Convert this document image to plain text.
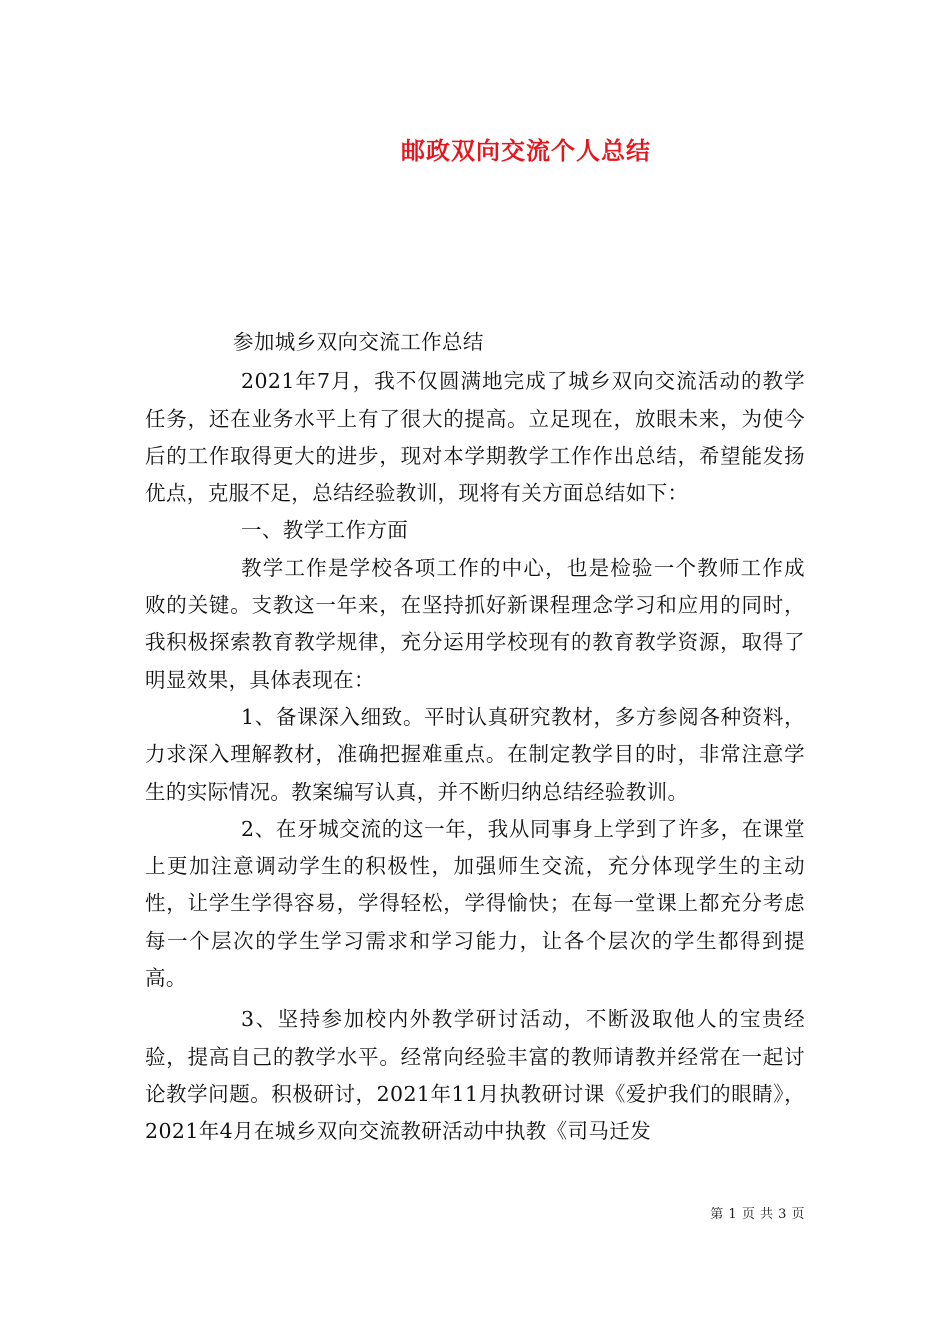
邮政双向交流个人总结

参加城乡双向交流工作总结

2021年7月，我不仅圆满地完成了城乡双向交流活动的教学任务，还在业务水平上有了很大的提高。立足现在，放眼未来，为使今后的工作取得更大的进步，现对本学期教学工作作出总结，希望能发扬优点，克服不足，总结经验教训，现将有关方面总结如下：

一、教学工作方面

教学工作是学校各项工作的中心，也是检验一个教师工作成败的关键。支教这一年来，在坚持抓好新课程理念学习和应用的同时，我积极探索教育教学规律，充分运用学校现有的教育教学资源，取得了明显效果，具体表现在：

1、备课深入细致。平时认真研究教材，多方参阅各种资料，力求深入理解教材，准确把握难重点。在制定教学目的时，非常注意学生的实际情况。教案编写认真，并不断归纳总结经验教训。

2、在牙城交流的这一年，我从同事身上学到了许多，在课堂上更加注意调动学生的积极性，加强师生交流，充分体现学生的主动性，让学生学得容易，学得轻松，学得愉快；在每一堂课上都充分考虑每一个层次的学生学习需求和学习能力，让各个层次的学生都得到提高。

3、坚持参加校内外教学研讨活动，不断汲取他人的宝贵经验，提高自己的教学水平。经常向经验丰富的教师请教并经常在一起讨论教学问题。积极研讨，2021年11月执教研讨课《爱护我们的眼睛》，2021年4月在城乡双向交流教研活动中执教《司马迁发

第 1 页 共 3 页
